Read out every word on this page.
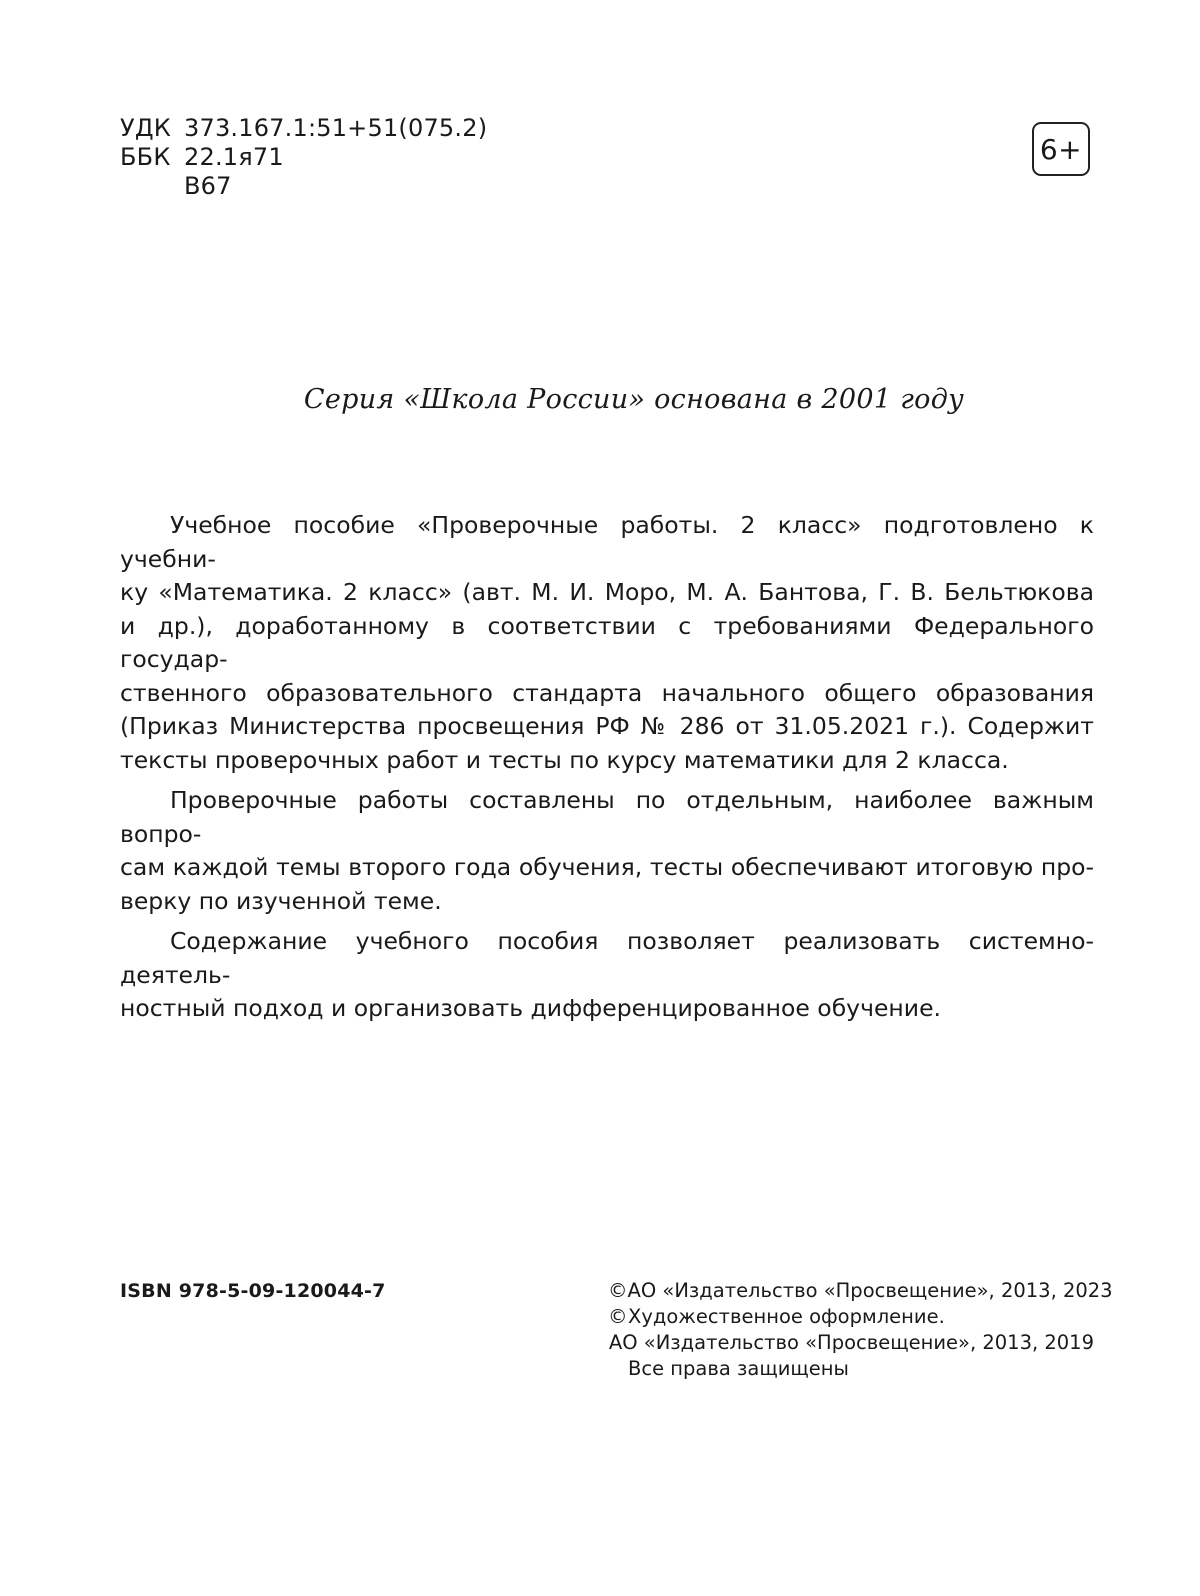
УДК 373.167.1:51+51(075.2)
ББК 22.1я71
В67
6+
Серия «Школа России» основана в 2001 году
Учебное пособие «Проверочные работы. 2 класс» подготовлено к учебни-
ку «Математика. 2 класс» (авт. М. И. Моро, М. А. Бантова, Г. В. Бельтюкова
и др.), доработанному в соответствии с требованиями Федерального государ-
ственного образовательного стандарта начального общего образования
(Приказ Министерства просвещения РФ № 286 от 31.05.2021 г.). Содержит
тексты проверочных работ и тесты по курсу математики для 2 класса.
Проверочные работы составлены по отдельным, наиболее важным вопро-
сам каждой темы второго года обучения, тесты обеспечивают итоговую про-
верку по изученной теме.
Содержание учебного пособия позволяет реализовать системно-деятель-
ностный подход и организовать дифференцированное обучение.
ISBN 978-5-09-120044-7	© АО «Издательство «Просвещение», 2013, 2023
© Художественное оформление.
АО «Издательство «Просвещение», 2013, 2019
Все права защищены
